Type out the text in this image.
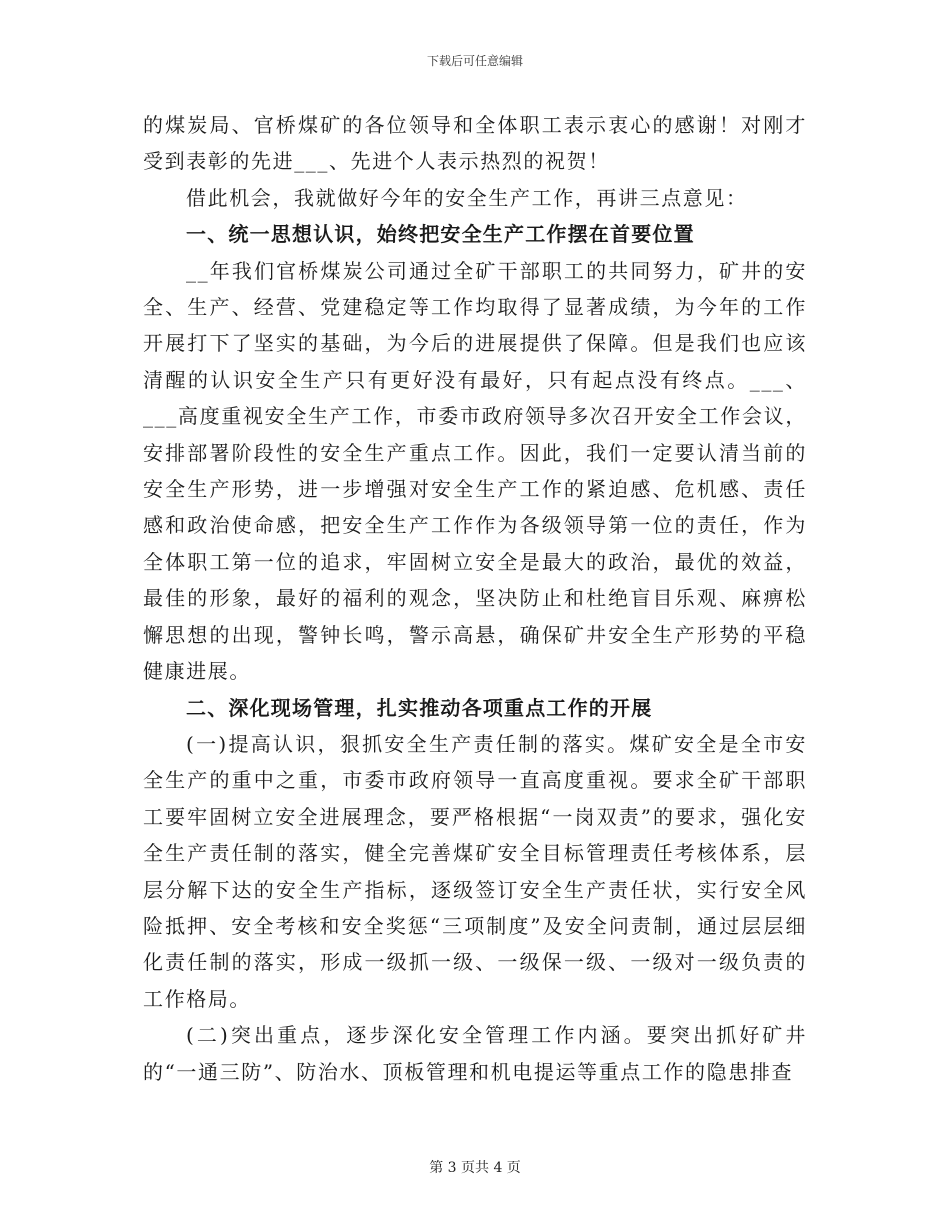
下载后可任意编辑

的煤炭局、官桥煤矿的各位领导和全体职工表示衷心的感谢！对刚才受到表彰的先进___、先进个人表示热烈的祝贺！

借此机会，我就做好今年的安全生产工作，再讲三点意见：

一、统一思想认识，始终把安全生产工作摆在首要位置

__年我们官桥煤炭公司通过全矿干部职工的共同努力，矿井的安全、生产、经营、党建稳定等工作均取得了显著成绩，为今年的工作开展打下了坚实的基础，为今后的进展提供了保障。但是我们也应该清醒的认识安全生产只有更好没有最好，只有起点没有终点。___、___高度重视安全生产工作，市委市政府领导多次召开安全工作会议，安排部署阶段性的安全生产重点工作。因此，我们一定要认清当前的安全生产形势，进一步增强对安全生产工作的紧迫感、危机感、责任感和政治使命感，把安全生产工作作为各级领导第一位的责任，作为全体职工第一位的追求，牢固树立安全是最大的政治，最优的效益，最佳的形象，最好的福利的观念，坚决防止和杜绝盲目乐观、麻痹松懈思想的出现，警钟长鸣，警示高悬，确保矿井安全生产形势的平稳健康进展。

二、深化现场管理，扎实推动各项重点工作的开展

(一)提高认识，狠抓安全生产责任制的落实。煤矿安全是全市安全生产的重中之重，市委市政府领导一直高度重视。要求全矿干部职工要牢固树立安全进展理念，要严格根据“一岗双责”的要求，强化安全生产责任制的落实，健全完善煤矿安全目标管理责任考核体系，层层分解下达的安全生产指标，逐级签订安全生产责任状，实行安全风险抵押、安全考核和安全奖惩“三项制度”及安全问责制，通过层层细化责任制的落实，形成一级抓一级、一级保一级、一级对一级负责的工作格局。

(二)突出重点，逐步深化安全管理工作内涵。要突出抓好矿井的“一通三防”、防治水、顶板管理和机电提运等重点工作的隐患排查

第 3 页共 4 页
